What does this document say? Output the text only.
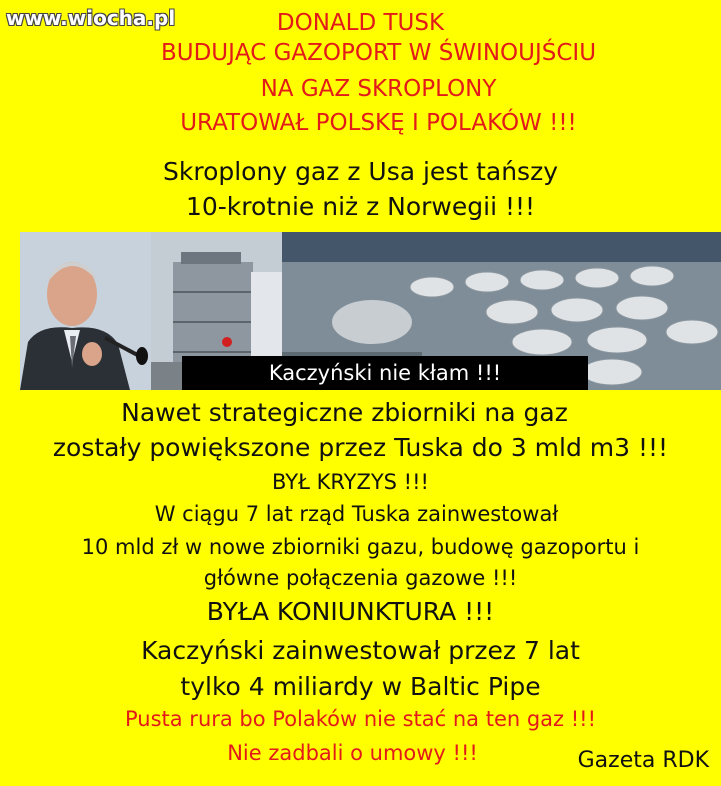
www.wiocha.pl	DONALD TUSK
BUDUJĄC GAZOPORT W ŚWINOUJŚCIU
NA GAZ SKROPLONY
URATOWAŁ POLSKĘ I POLAKÓW !!!
Skroplony gaz z Usa jest tańszy
10-krotnie niż z Norwegii !!!
Kaczyński nie kłam !!!
Nawet strategiczne zbiorniki na gaz
zostały powiększone przez Tuska do 3 mld m3 !!!
BYŁ KRYZYS !!!
W ciągu 7 lat rząd Tuska zainwestował
10 mld zł w nowe zbiorniki gazu, budowę gazoportu i
główne połączenia gazowe !!!
BYŁA KONIUNKTURA !!!
Kaczyński zainwestował przez 7 lat
tylko 4 miliardy w Baltic Pipe
Pusta rura bo Polaków nie stać na ten gaz !!!
Nie zadbali o umowy !!!	Gazeta RDK
